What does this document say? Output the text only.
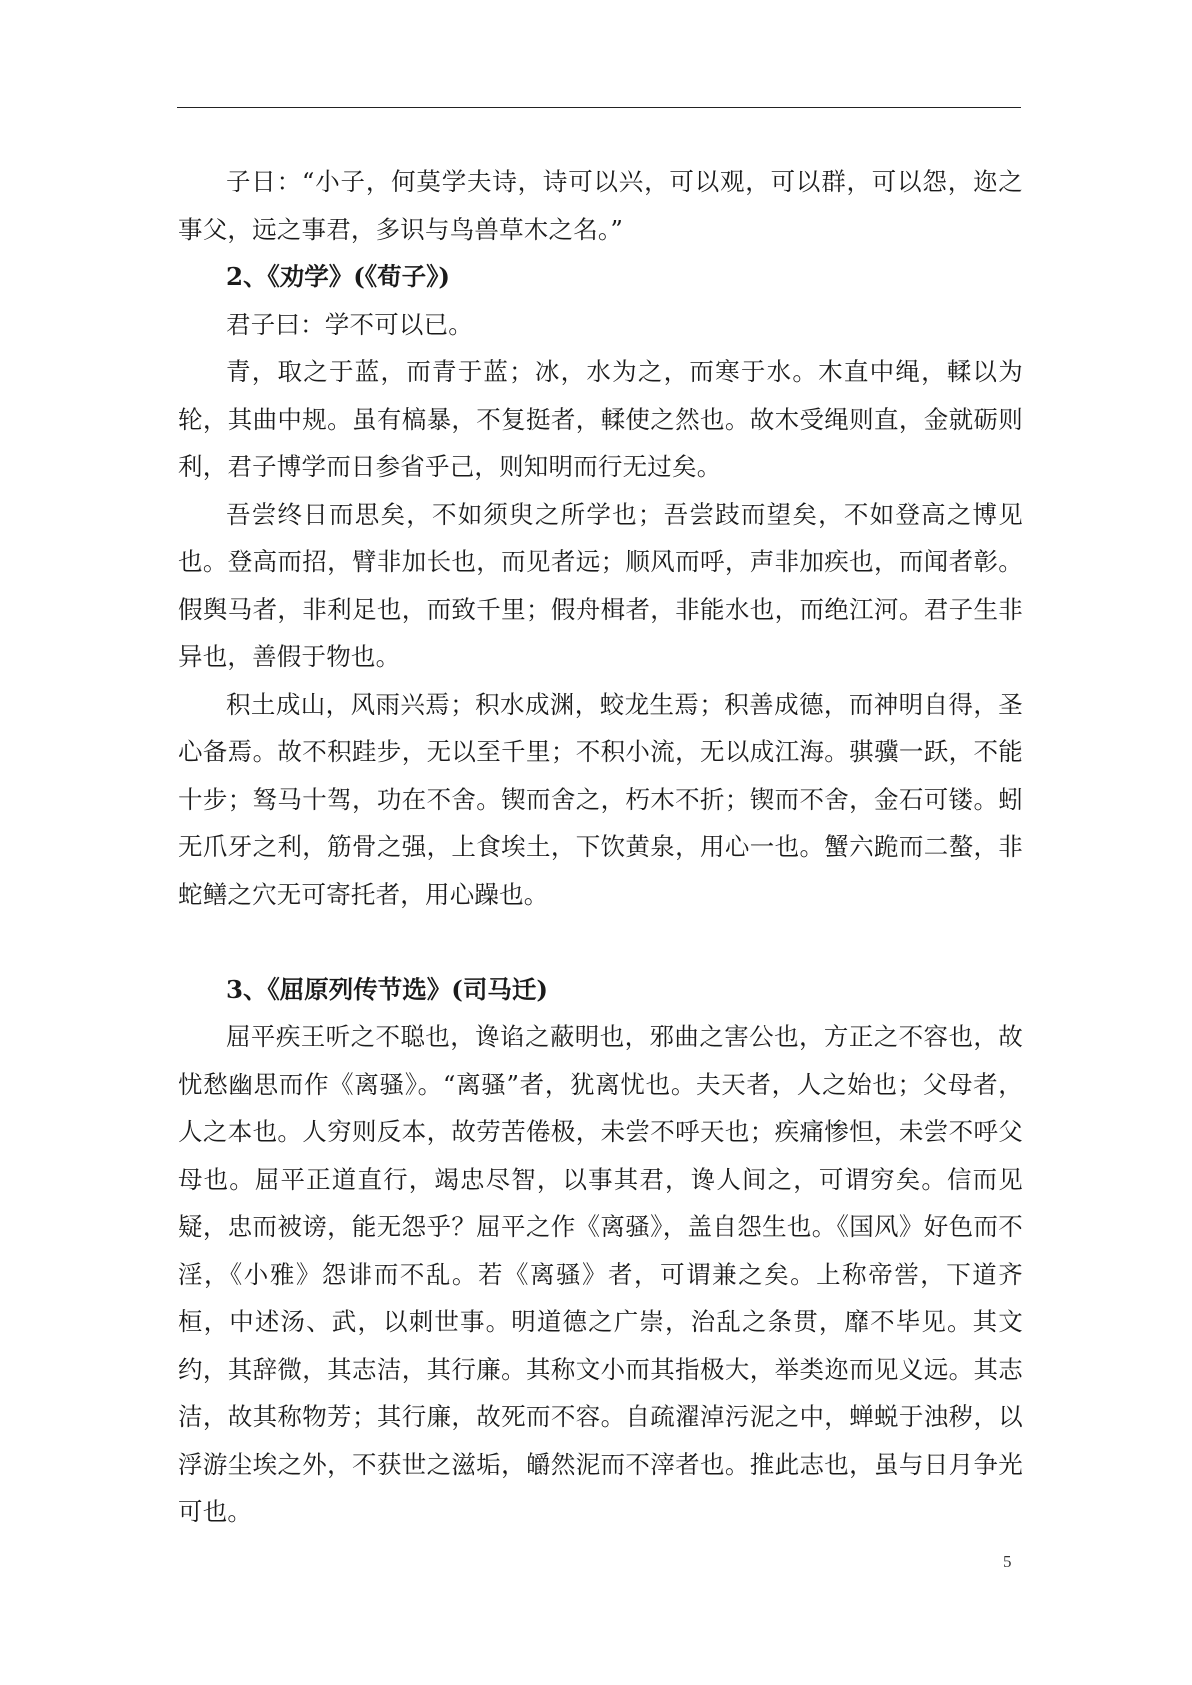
子日：“小子，何莫学夫诗，诗可以兴，可以观，可以群，可以怨，迩之事父，远之事君，多识与鸟兽草木之名。”

2、《劝学》(《荀子》)

君子曰：学不可以已。

青，取之于蓝，而青于蓝；冰，水为之，而寒于水。木直中绳，輮以为轮，其曲中规。虽有槁暴，不复挺者，輮使之然也。故木受绳则直，金就砺则利，君子博学而日参省乎己，则知明而行无过矣。

吾尝终日而思矣，不如须臾之所学也；吾尝跂而望矣，不如登高之博见也。登高而招，臂非加长也，而见者远；顺风而呼，声非加疾也，而闻者彰。假舆马者，非利足也，而致千里；假舟楫者，非能水也，而绝江河。君子生非异也，善假于物也。

积土成山，风雨兴焉；积水成渊，蛟龙生焉；积善成德，而神明自得，圣心备焉。故不积跬步，无以至千里；不积小流，无以成江海。骐骥一跃，不能十步；驽马十驾，功在不舍。锲而舍之，朽木不折；锲而不舍，金石可镂。蚓无爪牙之利，筋骨之强，上食埃土，下饮黄泉，用心一也。蟹六跪而二螯，非蛇鳝之穴无可寄托者，用心躁也。

3、《屈原列传节选》(司马迁)

屈平疾王听之不聪也，谗谄之蔽明也，邪曲之害公也，方正之不容也，故忧愁幽思而作《离骚》。“离骚”者，犹离忧也。夫天者，人之始也；父母者，人之本也。人穷则反本，故劳苦倦极，未尝不呼天也；疾痛惨怛，未尝不呼父母也。屈平正道直行，竭忠尽智，以事其君，谗人间之，可谓穷矣。信而见疑，忠而被谤，能无怨乎？屈平之作《离骚》，盖自怨生也。《国风》好色而不淫，《小雅》怨诽而不乱。若《离骚》者，可谓兼之矣。上称帝喾，下道齐桓，中述汤、武，以刺世事。明道德之广崇，治乱之条贯，靡不毕见。其文约，其辞微，其志洁，其行廉。其称文小而其指极大，举类迩而见义远。其志洁，故其称物芳；其行廉，故死而不容。自疏濯淖污泥之中，蝉蜕于浊秽，以浮游尘埃之外，不获世之滋垢，皭然泥而不滓者也。推此志也，虽与日月争光可也。

5
